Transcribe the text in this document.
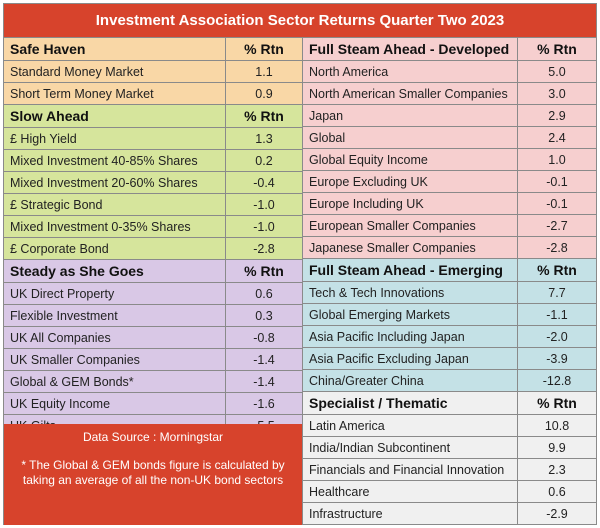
Investment Association Sector Returns Quarter Two 2023
Safe Haven	% Rtn
Standard Money Market	1.1
Short Term Money Market	0.9
Slow Ahead	% Rtn
£ High Yield	1.3
Mixed Investment 40-85% Shares	0.2
Mixed Investment 20-60% Shares	-0.4
£ Strategic Bond	-1.0
Mixed Investment 0-35% Shares	-1.0
£ Corporate Bond	-2.8
Steady as She Goes	% Rtn
UK Direct Property	0.6
Flexible Investment	0.3
UK All Companies	-0.8
UK Smaller Companies	-1.4
Global & GEM Bonds*	-1.4
UK Equity Income	-1.6
Full Steam Ahead - Developed	% Rtn
North America	5.0
North American Smaller Companies	3.0
Japan	2.9
Global	2.4
Global Equity Income	1.0
Europe Excluding UK	-0.1
Europe Including UK	-0.1
European Smaller Companies	-2.7
Japanese Smaller Companies	-2.8
Full Steam Ahead - Emerging	% Rtn
Tech & Tech Innovations	7.7
Global Emerging Markets	-1.1
Asia Pacific Including Japan	-2.0
Asia Pacific Excluding Japan	-3.9
China/Greater China	-12.8
Specialist / Thematic	% Rtn
Latin America	10.8
India/Indian Subcontinent	9.9
Financials and Financial Innovation	2.3
Healthcare	0.6
Infrastructure	-2.9
Data Source : Morningstar
* The Global & GEM bonds figure is calculated by taking an average of all the non-UK bond sectors
